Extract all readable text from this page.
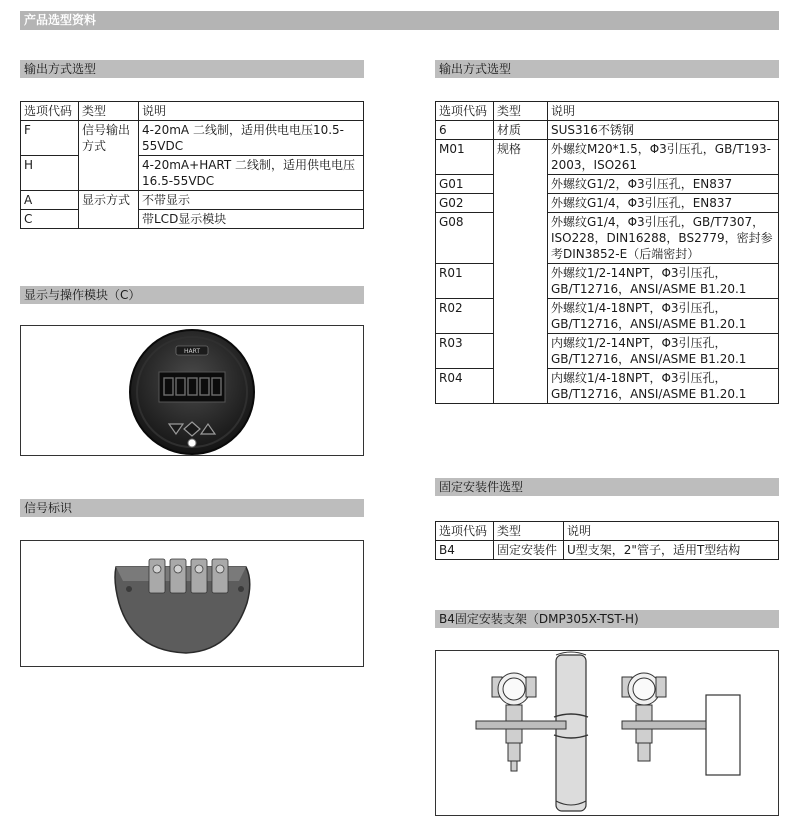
产品选型资料
输出方式选型
选项代码	类型	说明
F	信号输出方式	4-20mA 二线制，适用供电电压10.5-55VDC
H		4-20mA+HART 二线制，适用供电电压16.5-55VDC
A	显示方式	不带显示
C		带LCD显示模块
显示与操作模块（C）
HART
信号标识
输出方式选型
选项代码	类型	说明
6	材质	SUS316不锈钢
M01	规格	外螺纹M20*1.5，Φ3引压孔，GB/T193-2003，ISO261
G01		外螺纹G1/2，Φ3引压孔，EN837
G02		外螺纹G1/4，Φ3引压孔，EN837
G08		外螺纹G1/4，Φ3引压孔，GB/T7307，ISO228，DIN16288，BS2779，密封参考DIN3852-E（后端密封）
R01		外螺纹1/2-14NPT，Φ3引压孔，GB/T12716，ANSI/ASME B1.20.1
R02		外螺纹1/4-18NPT，Φ3引压孔，GB/T12716，ANSI/ASME B1.20.1
R03		内螺纹1/2-14NPT，Φ3引压孔，GB/T12716，ANSI/ASME B1.20.1
R04		内螺纹1/4-18NPT，Φ3引压孔，GB/T12716，ANSI/ASME B1.20.1
固定安装件选型
选项代码	类型	说明
B4	固定安装件	U型支架，2"管子，适用T型结构
B4固定安装支架（DMP305X-TST-H)
